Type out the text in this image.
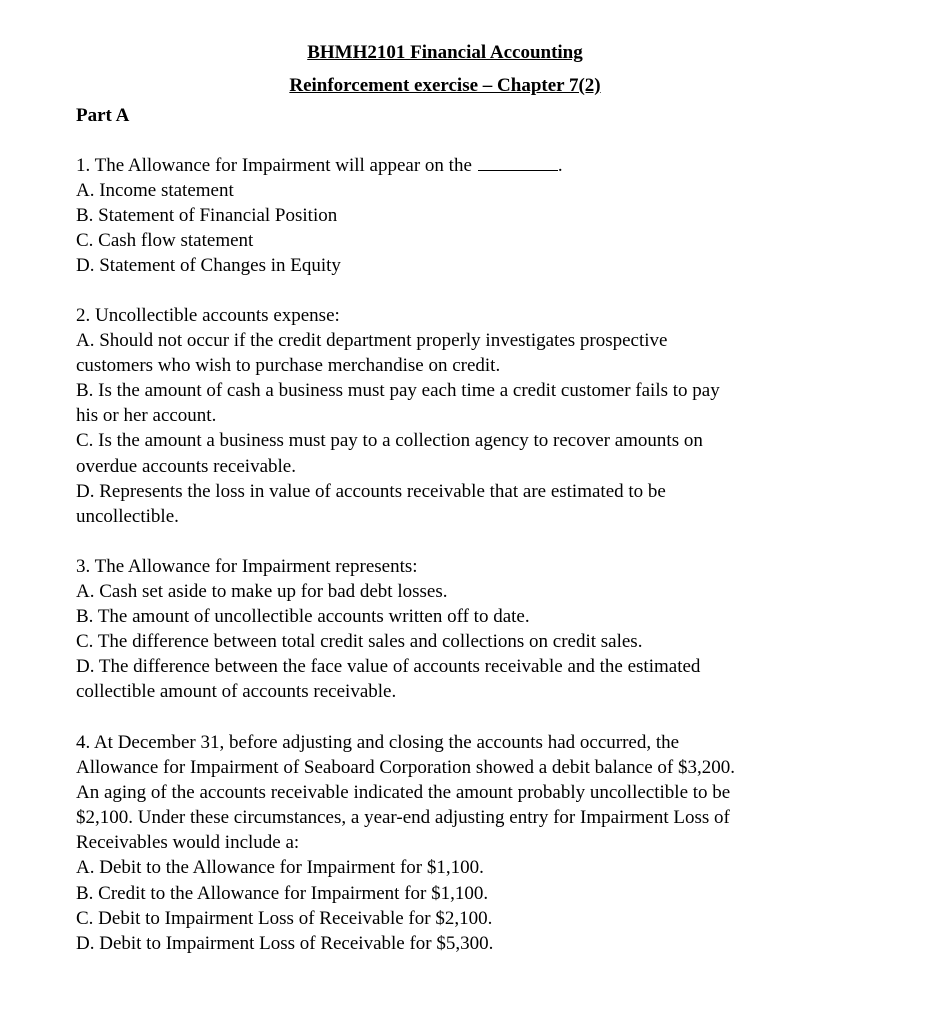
BHMH2101 Financial Accounting
Reinforcement exercise – Chapter 7(2)
Part A
1. The Allowance for Impairment will appear on the	.
A. Income statement
B. Statement of Financial Position
C. Cash flow statement
D. Statement of Changes in Equity
2. Uncollectible accounts expense:
A. Should not occur if the credit department properly investigates prospective
customers who wish to purchase merchandise on credit.
B. Is the amount of cash a business must pay each time a credit customer fails to pay
his or her account.
C. Is the amount a business must pay to a collection agency to recover amounts on
overdue accounts receivable.
D. Represents the loss in value of accounts receivable that are estimated to be
uncollectible.
3. The Allowance for Impairment represents:
A. Cash set aside to make up for bad debt losses.
B. The amount of uncollectible accounts written off to date.
C. The difference between total credit sales and collections on credit sales.
D. The difference between the face value of accounts receivable and the estimated
collectible amount of accounts receivable.
4. At December 31, before adjusting and closing the accounts had occurred, the
Allowance for Impairment of Seaboard Corporation showed a debit balance of $3,200.
An aging of the accounts receivable indicated the amount probably uncollectible to be
$2,100. Under these circumstances, a year-end adjusting entry for Impairment Loss of
Receivables would include a:
A. Debit to the Allowance for Impairment for $1,100.
B. Credit to the Allowance for Impairment for $1,100.
C. Debit to Impairment Loss of Receivable for $2,100.
D. Debit to Impairment Loss of Receivable for $5,300.
